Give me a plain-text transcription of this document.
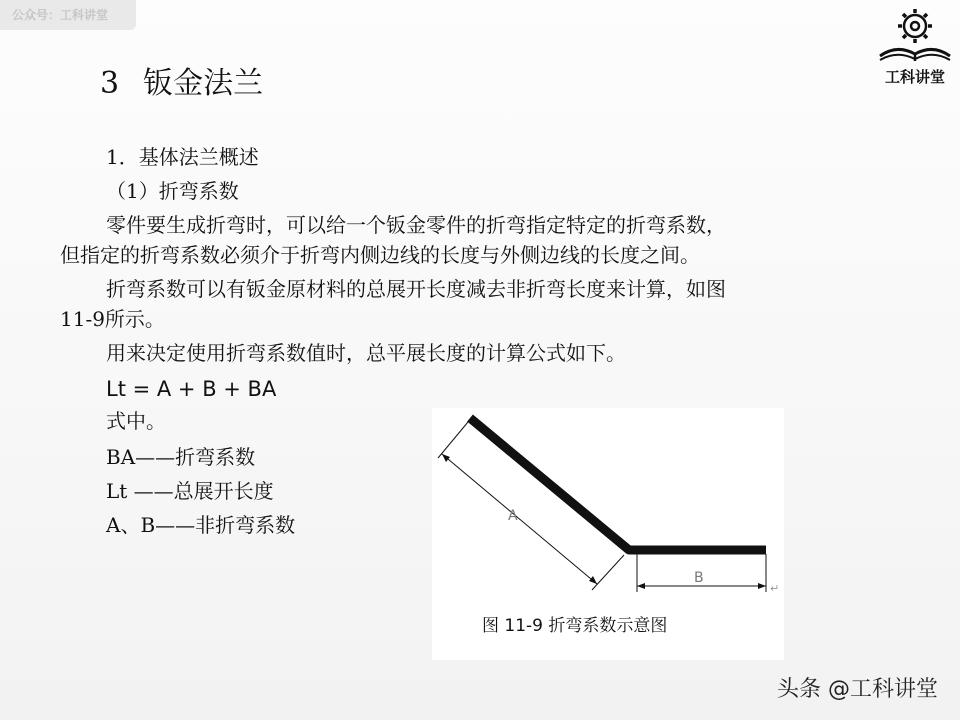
公众号：工科讲堂
工科讲堂
3 钣金法兰
1．基体法兰概述
（1）折弯系数
零件要生成折弯时，可以给一个钣金零件的折弯指定特定的折弯系数，
但指定的折弯系数必须介于折弯内侧边线的长度与外侧边线的长度之间。
折弯系数可以有钣金原材料的总展开长度减去非折弯长度来计算，如图
11-9所示。
用来决定使用折弯系数值时，总平展长度的计算公式如下。
Lt = A + B + BA
式中。
BA——折弯系数
Lt ——总展开长度
A、B——非折弯系数	A
B
↵
图 11-9 折弯系数示意图
头条 @工科讲堂
